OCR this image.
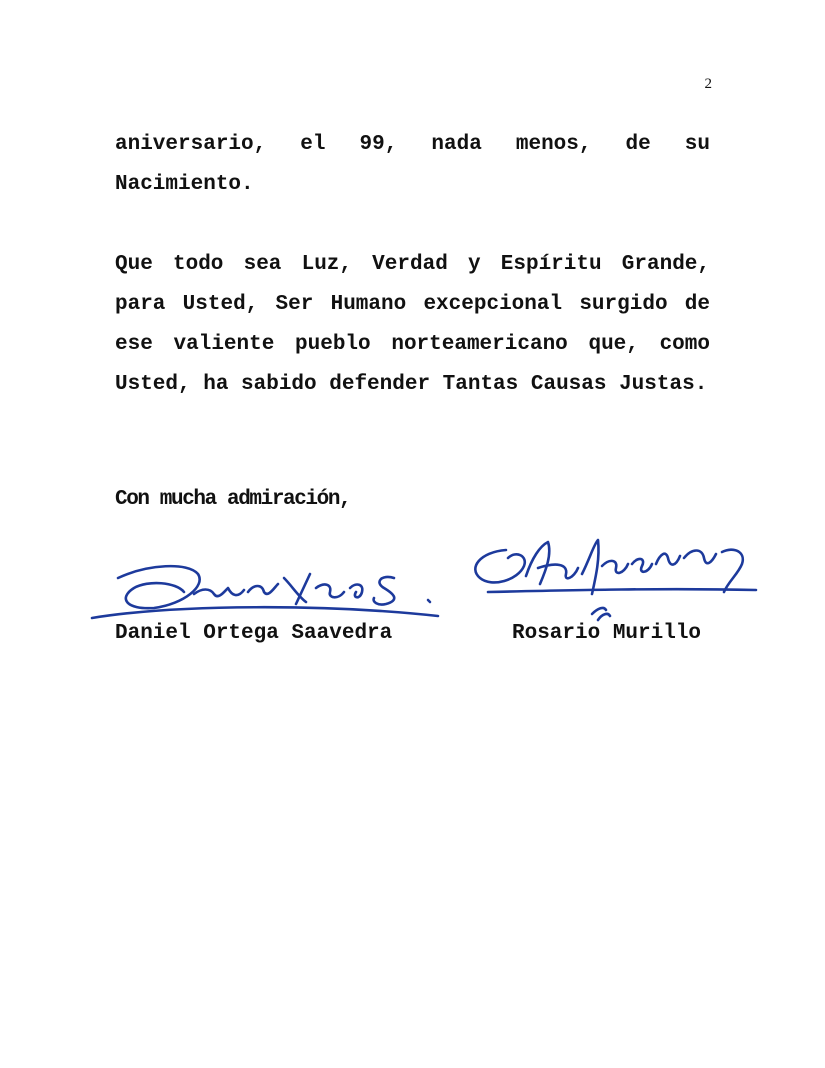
2

aniversario, el 99, nada menos, de su Nacimiento.

Que todo sea Luz, Verdad y Espíritu Grande, para Usted, Ser Humano excepcional surgido de ese valiente pueblo norteamericano que, como Usted, ha sabido defender Tantas Causas Justas.

Con mucha admiración,

Daniel Ortega Saavedra	Rosario Murillo
